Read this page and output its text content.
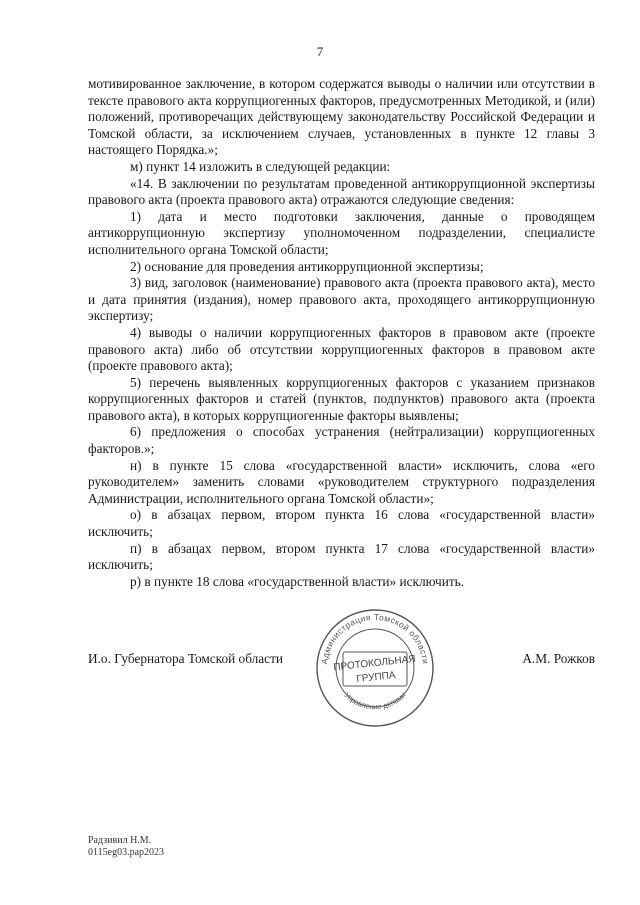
7

мотивированное заключение, в котором содержатся выводы о наличии или отсутствии в тексте правового акта коррупциогенных факторов, предусмотренных Методикой, и (или) положений, противоречащих действующему законодательству Российской Федерации и Томской области, за исключением случаев, установленных в пункте 12 главы 3 настоящего Порядка.»;

м) пункт 14 изложить в следующей редакции:

«14. В заключении по результатам проведенной антикоррупционной экспертизы правового акта (проекта правового акта) отражаются следующие сведения:

1) дата и место подготовки заключения, данные о проводящем антикоррупционную экспертизу уполномоченном подразделении, специалисте исполнительного органа Томской области;

2) основание для проведения антикоррупционной экспертизы;

3) вид, заголовок (наименование) правового акта (проекта правового акта), место и дата принятия (издания), номер правового акта, проходящего антикоррупционную экспертизу;

4) выводы о наличии коррупциогенных факторов в правовом акте (проекте правового акта) либо об отсутствии коррупциогенных факторов в правовом акте (проекте правового акта);

5) перечень выявленных коррупциогенных факторов с указанием признаков коррупциогенных факторов и статей (пунктов, подпунктов) правового акта (проекта правового акта), в которых коррупциогенные факторы выявлены;

6) предложения о способах устранения (нейтрализации) коррупциогенных факторов.»;

н) в пункте 15 слова «государственной власти» исключить, слова «его руководителем» заменить словами «руководителем структурного подразделения Администрации, исполнительного органа Томской области»;

о) в абзацах первом, втором пункта 16 слова «государственной власти» исключить;

п) в абзацах первом, втором пункта 17 слова «государственной власти» исключить;

р) в пункте 18 слова «государственной власти» исключить.

И.о. Губернатора Томской области	А.М. Рожков
Администрация Томской области
Управление делами
ПРОТОКОЛЬНАЯ
ГРУППА
Радзивил Н.М.
0115eg03.pap2023
